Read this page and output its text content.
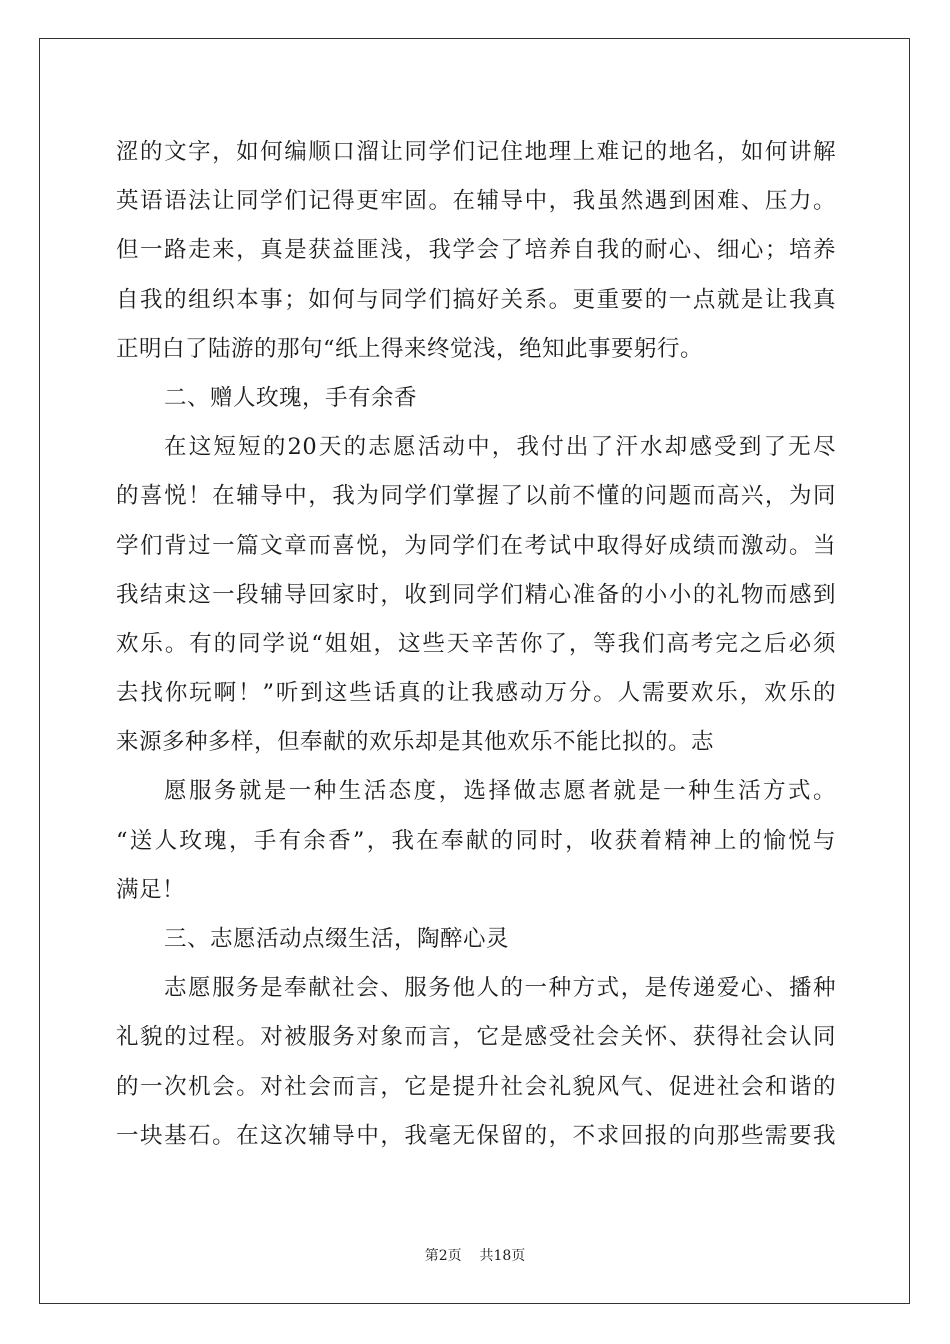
涩的文字，如何编顺口溜让同学们记住地理上难记的地名，如何讲解
英语语法让同学们记得更牢固。在辅导中，我虽然遇到困难、压力。
但一路走来，真是获益匪浅，我学会了培养自我的耐心、细心；培养
自我的组织本事；如何与同学们搞好关系。更重要的一点就是让我真
正明白了陆游的那句“纸上得来终觉浅，绝知此事要躬行。
二、赠人玫瑰，手有余香
在这短短的20天的志愿活动中，我付出了汗水却感受到了无尽
的喜悦！在辅导中，我为同学们掌握了以前不懂的问题而高兴，为同
学们背过一篇文章而喜悦，为同学们在考试中取得好成绩而激动。当
我结束这一段辅导回家时，收到同学们精心准备的小小的礼物而感到
欢乐。有的同学说“姐姐，这些天辛苦你了，等我们高考完之后必须
去找你玩啊！”听到这些话真的让我感动万分。人需要欢乐，欢乐的
来源多种多样，但奉献的欢乐却是其他欢乐不能比拟的。志
愿服务就是一种生活态度，选择做志愿者就是一种生活方式。
“送人玫瑰，手有余香”，我在奉献的同时，收获着精神上的愉悦与
满足！
三、志愿活动点缀生活，陶醉心灵
志愿服务是奉献社会、服务他人的一种方式，是传递爱心、播种
礼貌的过程。对被服务对象而言，它是感受社会关怀、获得社会认同
的一次机会。对社会而言，它是提升社会礼貌风气、促进社会和谐的
一块基石。在这次辅导中，我毫无保留的，不求回报的向那些需要我
第2页 共18页
